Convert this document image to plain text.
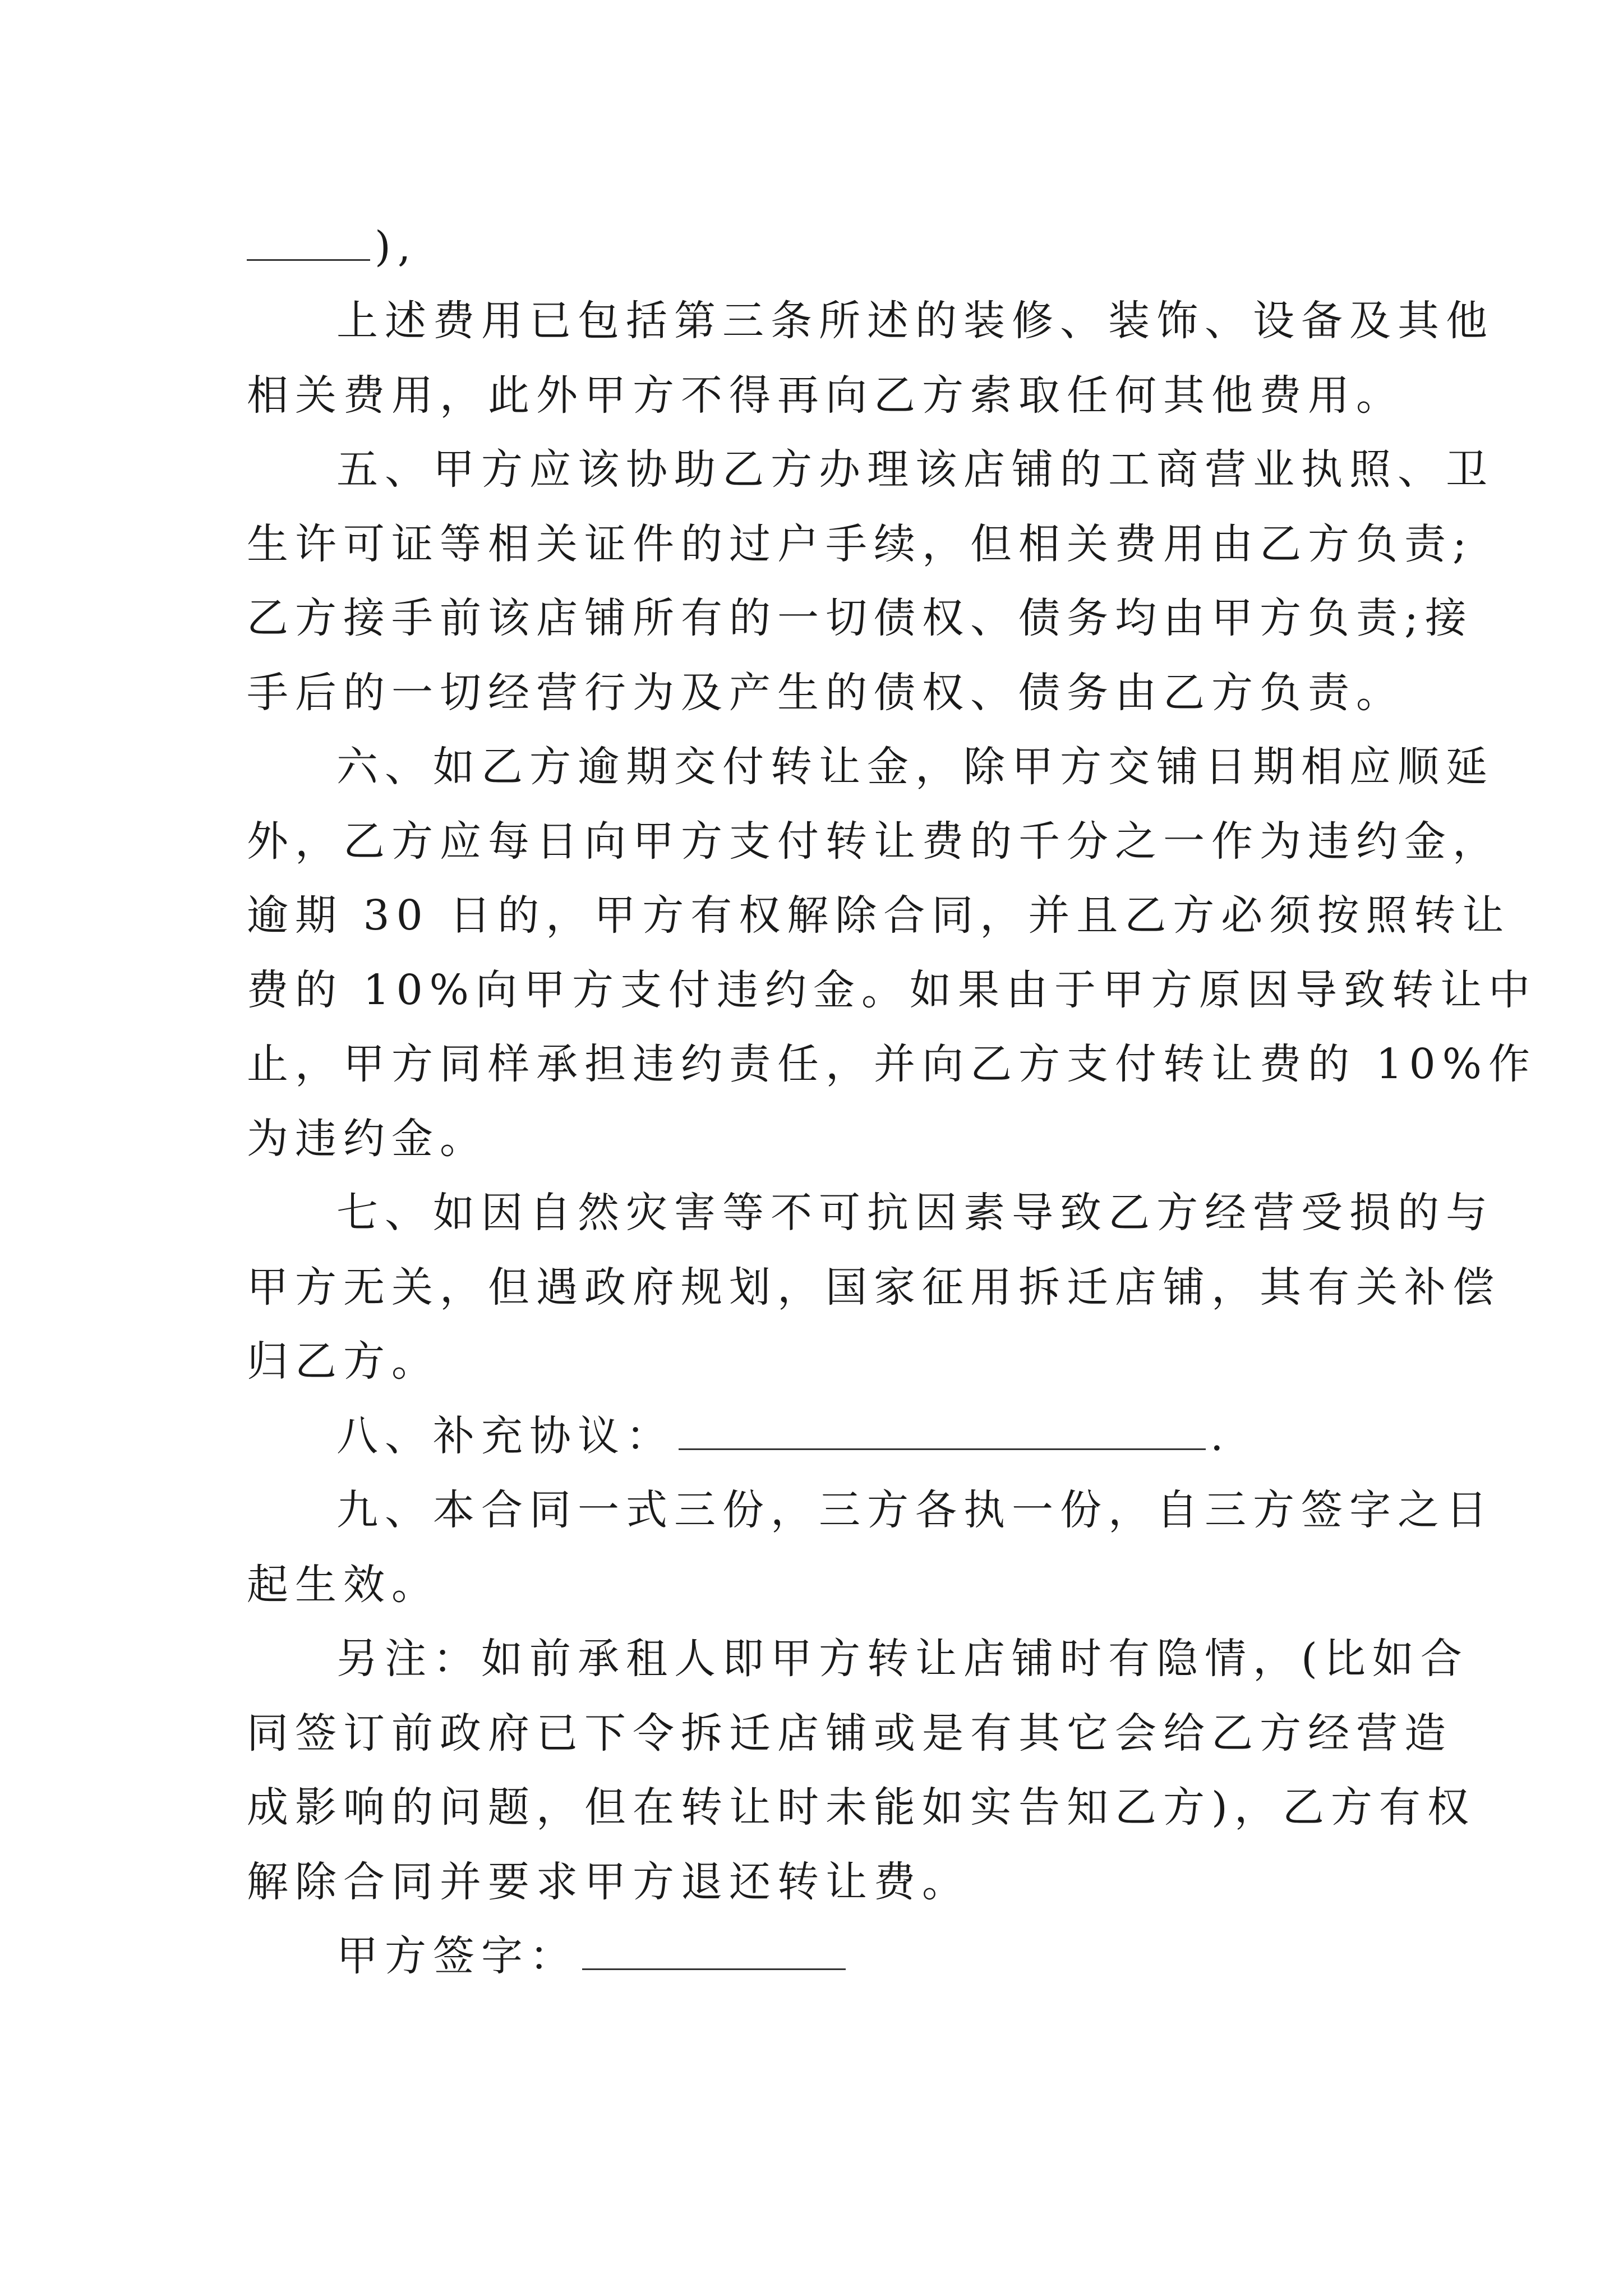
),
上述费用已包括第三条所述的装修、装饰、设备及其他
相关费用，此外甲方不得再向乙方索取任何其他费用。
五、甲方应该协助乙方办理该店铺的工商营业执照、卫
生许可证等相关证件的过户手续，但相关费用由乙方负责;
乙方接手前该店铺所有的一切债权、债务均由甲方负责;接
手后的一切经营行为及产生的债权、债务由乙方负责。
六、如乙方逾期交付转让金，除甲方交铺日期相应顺延
外，乙方应每日向甲方支付转让费的千分之一作为违约金，
逾期 30 日的，甲方有权解除合同，并且乙方必须按照转让
费的 10%向甲方支付违约金。如果由于甲方原因导致转让中
止，甲方同样承担违约责任，并向乙方支付转让费的 10%作
为违约金。
七、如因自然灾害等不可抗因素导致乙方经营受损的与
甲方无关，但遇政府规划，国家征用拆迁店铺，其有关补偿
归乙方。
八、补充协议：	.
九、本合同一式三份，三方各执一份，自三方签字之日
起生效。
另注：如前承租人即甲方转让店铺时有隐情，(比如合
同签订前政府已下令拆迁店铺或是有其它会给乙方经营造
成影响的问题，但在转让时未能如实告知乙方)，乙方有权
解除合同并要求甲方退还转让费。
甲方签字：
